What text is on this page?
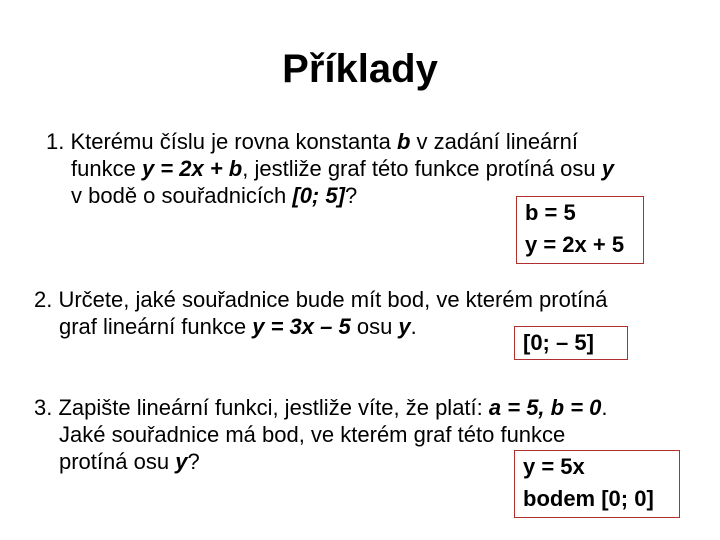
Příklady
1. Kterému číslu je rovna konstanta b v zadání lineární
funkce y = 2x + b, jestliže graf této funkce protíná osu y
v bodě o souřadnicích [0; 5]?
b = 5
y = 2x + 5
2. Určete, jaké souřadnice bude mít bod, ve kterém protíná
graf lineární funkce y = 3x – 5 osu y.
[0; – 5]
3. Zapište lineární funkci, jestliže víte, že platí: a = 5, b = 0.
Jaké souřadnice má bod, ve kterém graf této funkce
protíná osu y?	y = 5x
bodem [0; 0]
